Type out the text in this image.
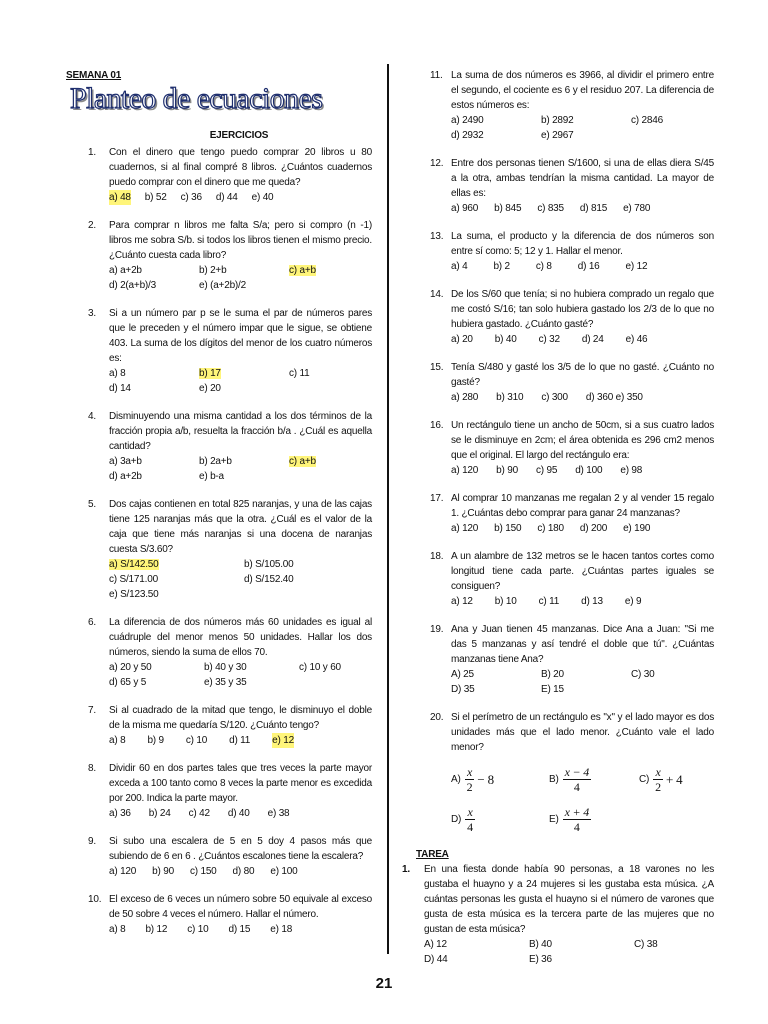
SEMANA 01
Planteo de ecuaciones
EJERCICIOS
1. Con el dinero que tengo puedo comprar 20 libros u 80 cuadernos, si al final compré 8 libros. ¿Cuántos cuadernos puedo comprar con el dinero que me queda?
a) 48 b) 52 c) 36 d) 44 e) 40
2. Para comprar n libros me falta S/a; pero si compro (n -1) libros me sobra S/b. si todos los libros tienen el mismo precio. ¿Cuánto cuesta cada libro?
a) a+2b	b) 2+b	c) a+b
d) 2(a+b)/3	e) (a+2b)/2
3. Si a un número par p se le suma el par de números pares que le preceden y el número impar que le sigue, se obtiene 403. La suma de los dígitos del menor de los cuatro números es:
a) 8	b) 17	c) 11
d) 14	e) 20
4. Disminuyendo una misma cantidad a los dos términos de la fracción propia a/b, resuelta la fracción b/a . ¿Cuál es aquella cantidad?
a) 3a+b	b) 2a+b	c) a+b
d) a+2b	e) b-a
5. Dos cajas contienen en total 825 naranjas, y una de las cajas tiene 125 naranjas más que la otra. ¿Cuál es el valor de la caja que tiene más naranjas si una docena de naranjas cuesta S/3.60?
a) S/142.50	b) S/105.00
c) S/171.00	d) S/152.40
e) S/123.50
6. La diferencia de dos números más 60 unidades es igual al cuádruple del menor menos 50 unidades. Hallar los dos números, siendo la suma de ellos 70.
a) 20 y 50	b) 40 y 30	c) 10 y 60
d) 65 y 5	e) 35 y 35
7. Si al cuadrado de la mitad que tengo, le disminuyo el doble de la misma me quedaría S/120. ¿Cuánto tengo?
a) 8 b) 9 c) 10 d) 11 e) 12
8. Dividir 60 en dos partes tales que tres veces la parte mayor exceda a 100 tanto como 8 veces la parte menor es excedida por 200. Indica la parte mayor.
a) 36 b) 24 c) 42 d) 40 e) 38
9. Si subo una escalera de 5 en 5 doy 4 pasos más que subiendo de 6 en 6 . ¿Cuántos escalones tiene la escalera?
a) 120 b) 90 c) 150 d) 80 e) 100
10. El exceso de 6 veces un número sobre 50 equivale al exceso de 50 sobre 4 veces el número. Hallar el número.
a) 8 b) 12 c) 10 d) 15 e) 18
11. La suma de dos números es 3966, al dividir el primero entre el segundo, el cociente es 6 y el residuo 207. La diferencia de estos números es:
a) 2490	b) 2892	c) 2846
d) 2932	e) 2967
12. Entre dos personas tienen S/1600, si una de ellas diera S/45 a la otra, ambas tendrían la misma cantidad. La mayor de ellas es:
a) 960 b) 845 c) 835 d) 815 e) 780
13. La suma, el producto y la diferencia de dos números son entre sí como: 5; 12 y 1. Hallar el menor.
a) 4	b) 2	c) 8	d) 16	e) 12
14. De los S/60 que tenía; si no hubiera comprado un regalo que me costó S/16; tan solo hubiera gastado los 2/3 de lo que no hubiera gastado. ¿Cuánto gasté?
a) 20 b) 40 c) 32 d) 24 e) 46
15. Tenía S/480 y gasté los 3/5 de lo que no gasté. ¿Cuánto no gasté?
a) 280 b) 310 c) 300 d) 360 e) 350
16. Un rectángulo tiene un ancho de 50cm, si a sus cuatro lados se le disminuye en 2cm; el área obtenida es 296 cm2 menos que el original. El largo del rectángulo era:
a) 120 b) 90 c) 95 d) 100 e) 98
17. Al comprar 10 manzanas me regalan 2 y al vender 15 regalo 1. ¿Cuántas debo comprar para ganar 24 manzanas?
a) 120 b) 150 c) 180 d) 200 e) 190
18. A un alambre de 132 metros se le hacen tantos cortes como longitud tiene cada parte. ¿Cuántas partes iguales se consiguen?
a) 12 b) 10 c) 11 d) 13 e) 9
19. Ana y Juan tienen 45 manzanas. Dice Ana a Juan: "Si me das 5 manzanas y así tendré el doble que tú". ¿Cuántas manzanas tiene Ana?
A) 25	B) 20	C) 30
D) 35	E) 15
20. Si el perímetro de un rectángulo es "x" y el lado mayor es dos unidades más que el lado menor. ¿Cuánto vale el lado menor?
$A) \frac{x}{2} - 8$	$B) \frac{x - 4}{4}$	$C) \frac{x}{2} + 4$
$D) \frac{x}{4}$	$E) \frac{x + 4}{4}$
TAREA
1. En una fiesta donde había 90 personas, a 18 varones no les gustaba el huayno y a 24 mujeres si les gustaba esta música. ¿A cuántas personas les gusta el huayno si el número de varones que gusta de esta música es la tercera parte de las mujeres que no gustan de esta música?
A) 12	B) 40	C) 38
D) 44	E) 36
21
